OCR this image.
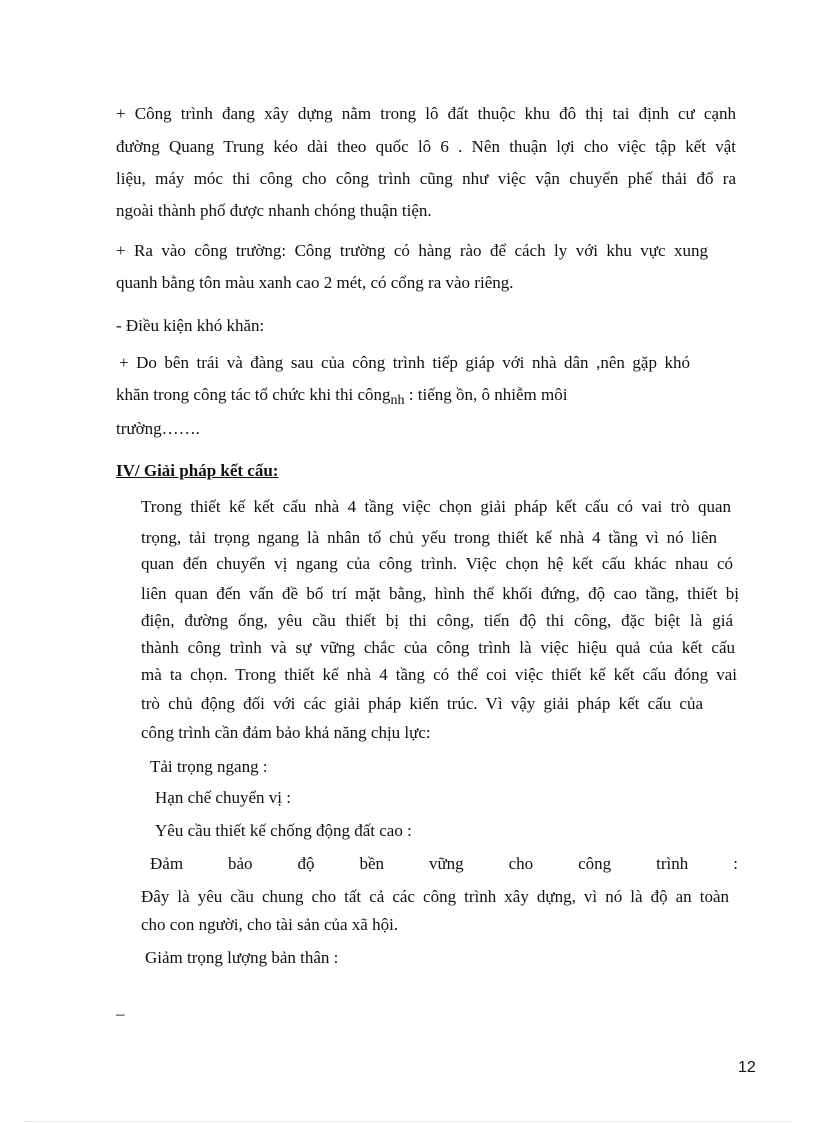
+ Công trình đang xây dựng nằm trong lô đất thuộc khu đô thị tai định cư cạnh
đường Quang Trung kéo dài theo quốc lô 6 . Nên thuận lợi cho việc tập kết vật
liệu, máy móc thi công cho công trình cũng như việc vận chuyển phế thải đổ ra
ngoài thành phố được nhanh chóng thuận tiện.
+ Ra vào công trường: Công trường có hàng rào để cách ly với khu vực xung
quanh bằng tôn màu xanh cao 2 mét, có cổng ra vào riêng.
- Điều kiện khó khăn:
+ Do bên trái và đàng sau của công trình tiếp giáp với nhà dân ,nên gặp khó
khăn trong công tác tổ chức khi thi công$_{nh}$ : tiếng ồn, ô nhiễm môi
trường…….
IV/ Giải pháp kết cấu:
Trong thiết kế kết cấu nhà 4 tầng việc chọn giải pháp kết cấu có vai trò quan
trọng, tải trọng ngang là nhân tố chủ yếu trong thiết kế nhà 4 tầng vì nó liên
quan đến chuyển vị ngang của công trình. Việc chọn hệ kết cấu khác nhau có
liên quan đến vấn đề bố trí mặt bằng, hình thể khối đứng, độ cao tầng, thiết bị
điện, đường ống, yêu cầu thiết bị thi công, tiến độ thi công, đặc biệt là giá
thành công trình và sự vững chắc của công trình là việc hiệu quả của kết cấu
mà ta chọn. Trong thiết kế nhà 4 tầng có thể coi việc thiết kế kết cấu đóng vai
trò chủ động đối với các giải pháp kiến trúc. Vì vậy giải pháp kết cấu của
công trình cần đảm bảo khả năng chịu lực:
Tải trọng ngang :
Hạn chế chuyển vị :
Yêu cầu thiết kế chống động đất cao :
Đảm	bảo	độ	bền	vững	cho	công	trình	:
Đây là yêu cầu chung cho tất cả các công trình xây dựng, vì nó là độ an toàn
cho con người, cho tài sản của xã hội.
Giảm trọng lượng bản thân :
–
12
